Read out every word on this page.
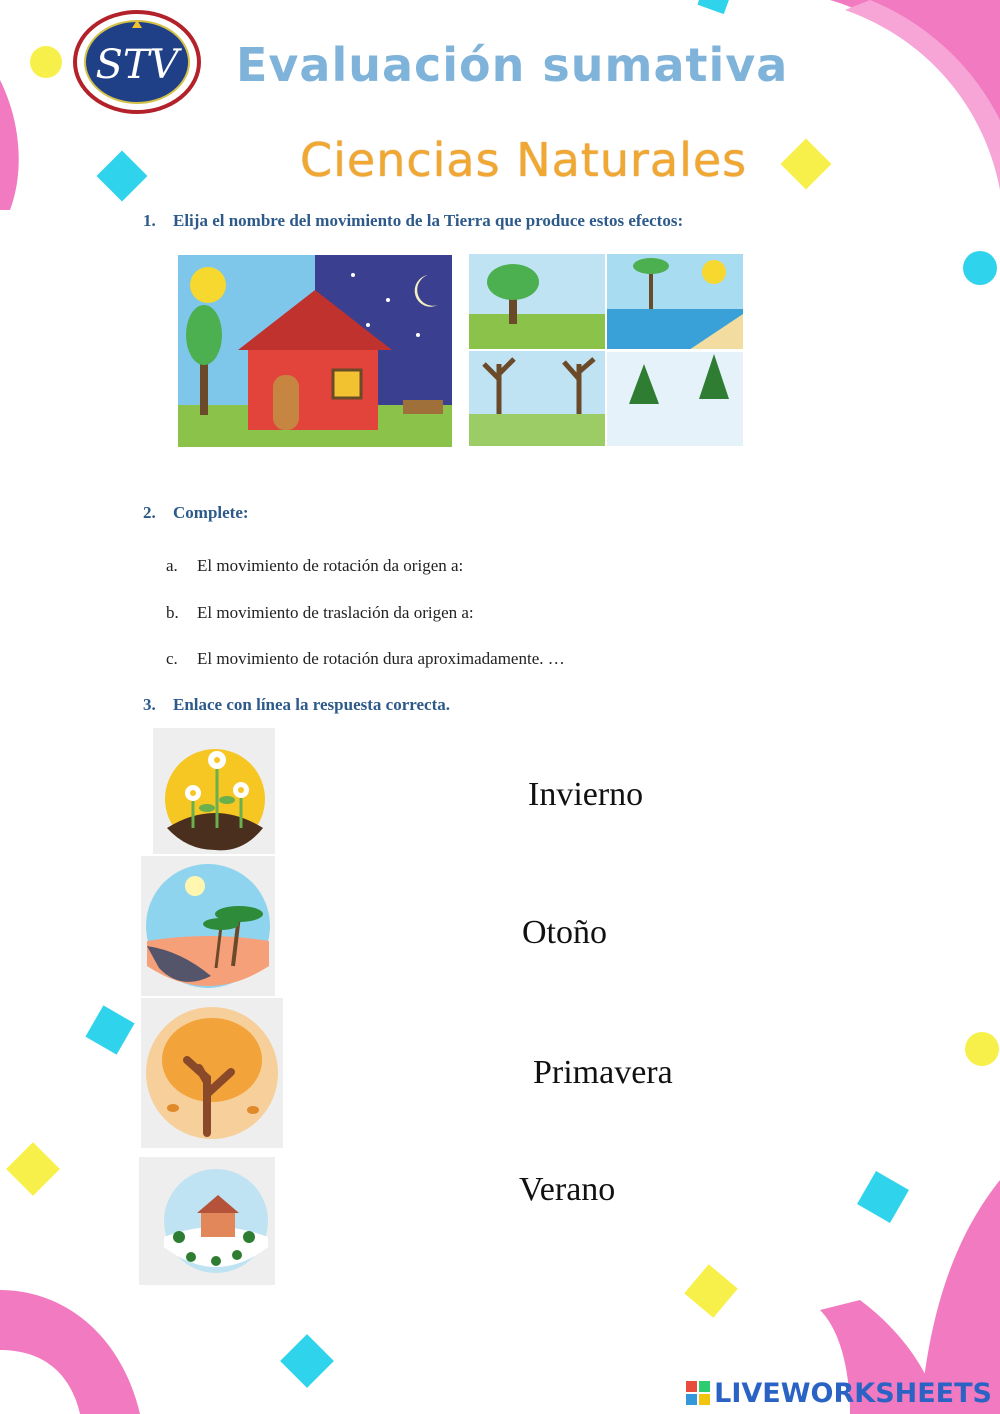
STV Evaluación sumativa
Ciencias Naturales
1. Elija el nombre del movimiento de la Tierra que produce estos efectos:
2. Complete:
a. El movimiento de rotación da origen a:
b. El movimiento de traslación da origen a:
c. El movimiento de rotación dura aproximadamente. …
3. Enlace con línea la respuesta correcta.
Invierno
Otoño
Primavera
Verano
LIVEWORKSHEETS
